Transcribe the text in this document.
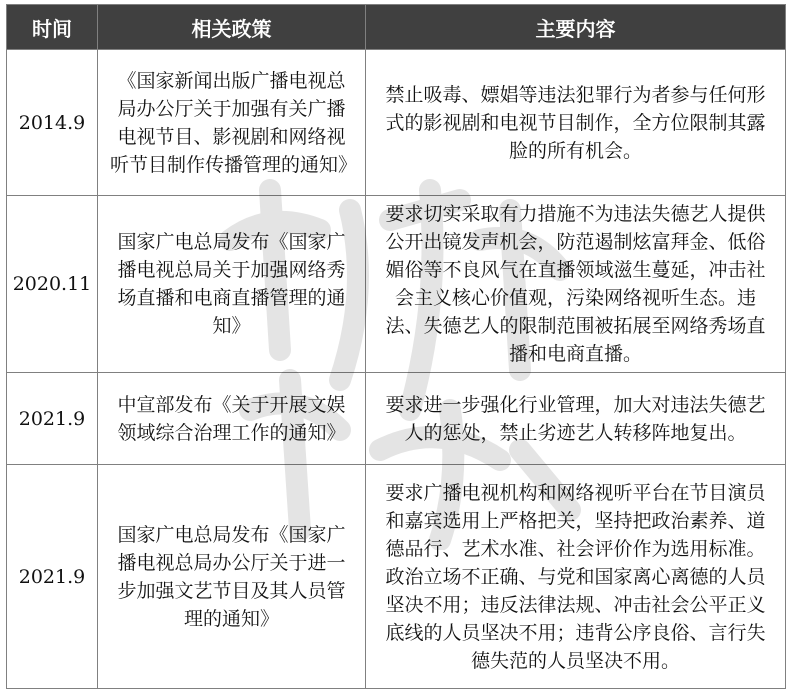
时间	相关政策	主要内容
2014.9	《国家新闻出版广播电视总局办公厅关于加强有关广播电视节目、影视剧和网络视听节目制作传播管理的通知》	禁止吸毒、嫖娼等违法犯罪行为者参与任何形式的影视剧和电视节目制作，全方位限制其露脸的所有机会。
2020.11	国家广电总局发布《国家广播电视总局关于加强网络秀场直播和电商直播管理的通知》	要求切实采取有力措施不为违法失德艺人提供公开出镜发声机会，防范遏制炫富拜金、低俗媚俗等不良风气在直播领域滋生蔓延，冲击社会主义核心价值观，污染网络视听生态。违法、失德艺人的限制范围被拓展至网络秀场直播和电商直播。
2021.9	中宣部发布《关于开展文娱领域综合治理工作的通知》	要求进一步强化行业管理，加大对违法失德艺人的惩处，禁止劣迹艺人转移阵地复出。
2021.9	国家广电总局发布《国家广播电视总局办公厅关于进一步加强文艺节目及其人员管理的通知》	要求广播电视机构和网络视听平台在节目演员和嘉宾选用上严格把关，坚持把政治素养、道德品行、艺术水准、社会评价作为选用标准。政治立场不正确、与党和国家离心离德的人员坚决不用；违反法律法规、冲击社会公平正义底线的人员坚决不用；违背公序良俗、言行失德失范的人员坚决不用。
